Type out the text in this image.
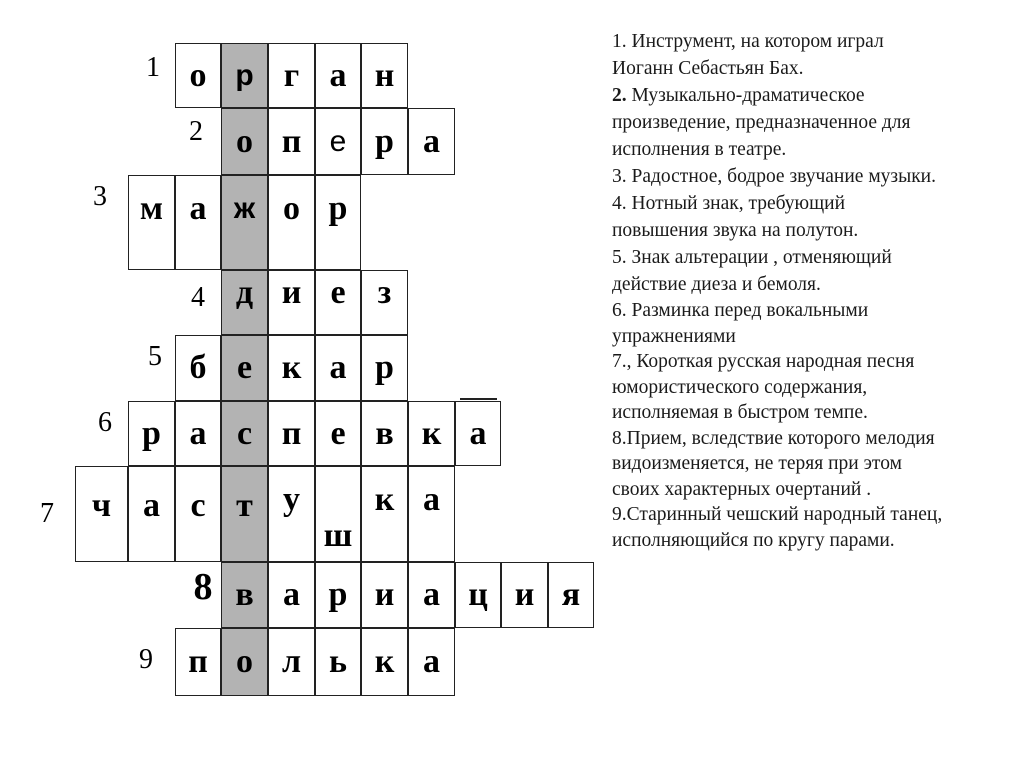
1 о р г а н
2 о п е р а
3 м а ж о р
4 д и е з
5 б е к а р
6 р а с п е в к а
7 ч а с т у
ш
к а
8 в а р и а ц и я
9 п о л ь к а

1. Инструмент, на котором играл
Иоганн Себастьян Бах.

2. Музыкально-драматическое
произведение, предназначенное для
исполнения в театре.

3. Радостное, бодрое звучание музыки.

4. Нотный знак, требующий
повышения звука на полутон.

5. Знак альтерации , отменяющий
действие диеза и бемоля.

6. Разминка перед вокальными
упражнениями

7., Короткая русская народная песня
юмористического содержания,
исполняемая в быстром темпе.

8.Прием, вследствие которого мелодия
видоизменяется, не теряя при этом
своих характерных очертаний .

9.Старинный чешский народный танец,
исполняющийся по кругу парами.
